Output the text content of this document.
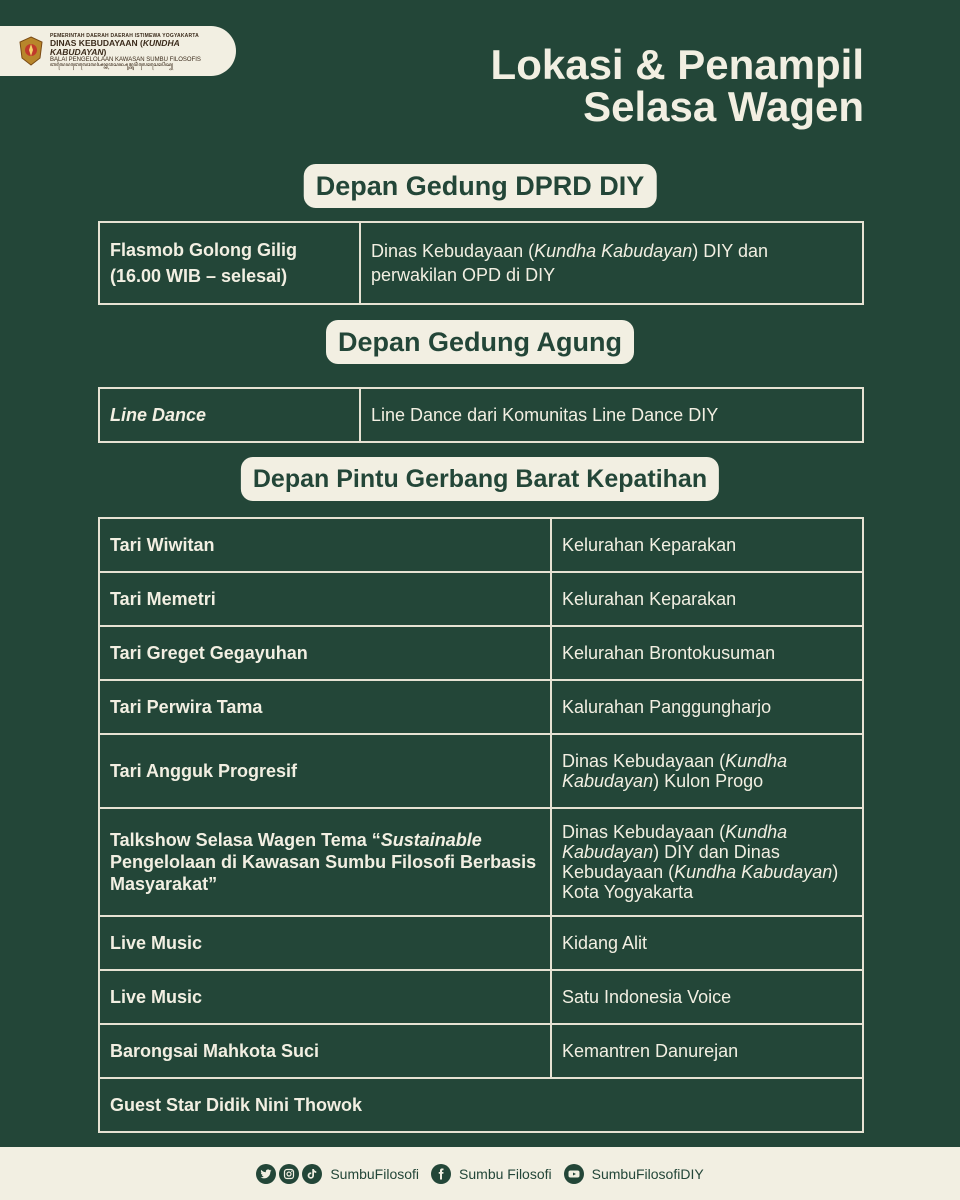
PEMERINTAH DAERAH DAERAH ISTIMEWA YOGYAKARTA
DINAS KEBUDAYAAN (KUNDHA KABUDAYAN)
BALAI PENGELOLAAN KAWASAN SUMBU FILOSOFIS
ꦧꦭꦻꦥꦔꦺꦭꦺꦴꦭꦄꦤ꧀ꦏꦮꦱꦤ꧀ꦱꦸꦩ꧀ꦧꦸꦥ꦳ꦶꦭꦺꦴꦱꦺꦴꦥ꦳ꦶꦱ꧀	Lokasi & Penampil
Selasa Wagen
Depan Gedung DPRD DIY
Flasmob Golong Gilig (16.00 WIB – selesai)	Dinas Kebudayaan (Kundha Kabudayan) DIY dan perwakilan OPD di DIY
Depan Gedung Agung
Line Dance	Line Dance dari Komunitas Line Dance DIY
Depan Pintu Gerbang Barat Kepatihan
Tari Wiwitan	Kelurahan Keparakan
Tari Memetri	Kelurahan Keparakan
Tari Greget Gegayuhan	Kelurahan Brontokusuman
Tari Perwira Tama	Kalurahan Panggungharjo
Tari Angguk Progresif	Dinas Kebudayaan (Kundha Kabudayan) Kulon Progo
Talkshow Selasa Wagen Tema “Sustainable Pengelolaan di Kawasan Sumbu Filosofi Berbasis Masyarakat”	Dinas Kebudayaan (Kundha Kabudayan) DIY dan Dinas Kebudayaan (Kundha Kabudayan) Kota Yogyakarta
Live Music	Kidang Alit
Live Music	Satu Indonesia Voice
Barongsai Mahkota Suci	Kemantren Danurejan
Guest Star Didik Nini Thowok	
SumbuFilosofi	Sumbu Filosofi	SumbuFilosofiDIY
